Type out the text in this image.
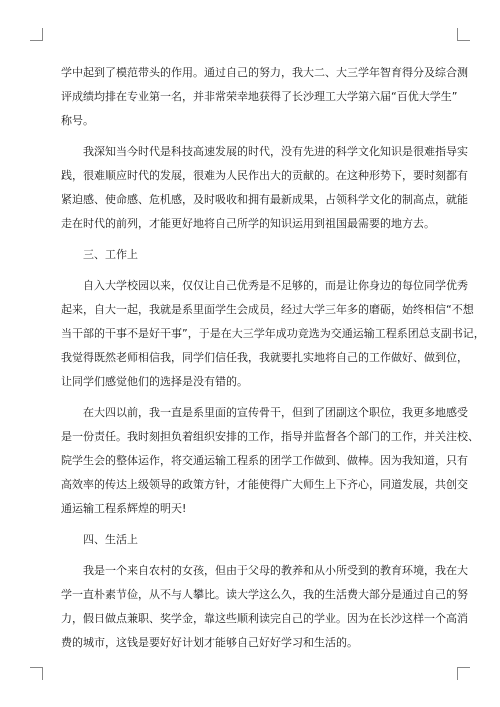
学中起到了模范带头的作用。通过自己的努力，我大二、大三学年智育得分及综合测
评成绩均排在专业第一名，并非常荣幸地获得了长沙理工大学第六届“百优大学生”
称号。

我深知当今时代是科技高速发展的时代，没有先进的科学文化知识是很难指导实
践，很难顺应时代的发展，很难为人民作出大的贡献的。在这种形势下，要时刻都有
紧迫感、使命感、危机感，及时吸收和拥有最新成果，占领科学文化的制高点，就能
走在时代的前列，才能更好地将自己所学的知识运用到祖国最需要的地方去。

三、工作上

自入大学校园以来，仅仅让自己优秀是不足够的，而是让你身边的每位同学优秀
起来，自大一起，我就是系里面学生会成员，经过大学三年多的磨砺，始终相信“不想
当干部的干事不是好干事”，于是在大三学年成功竞选为交通运输工程系团总支副书记，
我觉得既然老师相信我，同学们信任我，我就要扎实地将自己的工作做好、做到位，
让同学们感觉他们的选择是没有错的。

在大四以前，我一直是系里面的宣传骨干，但到了团副这个职位，我更多地感受
是一份责任。我时刻担负着组织安排的工作，指导并监督各个部门的工作，并关注校、
院学生会的整体运作，将交通运输工程系的团学工作做到、做棒。因为我知道，只有
高效率的传达上级领导的政策方针，才能使得广大师生上下齐心，同道发展，共创交
通运输工程系辉煌的明天!

四、生活上

我是一个来自农村的女孩，但由于父母的教养和从小所受到的教育环境，我在大
学一直朴素节俭，从不与人攀比。读大学这么久，我的生活费大部分是通过自己的努
力，假日做点兼职、奖学金，靠这些顺利读完自己的学业。因为在长沙这样一个高消
费的城市，这钱是要好好计划才能够自己好好学习和生活的。
